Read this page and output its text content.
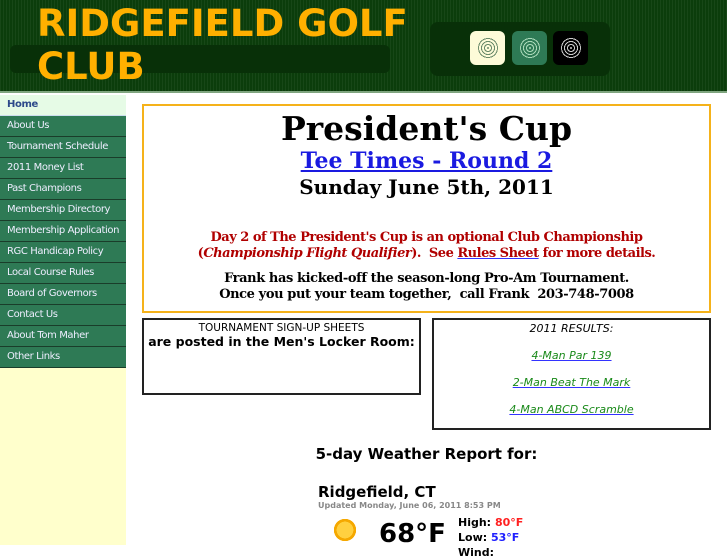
RIDGEFIELD GOLF
CLUB
Home
About Us
Tournament Schedule
2011 Money List
Past Champions
Membership Directory
Membership Application
RGC Handicap Policy
Local Course Rules
Board of Governors
Contact Us
About Tom Maher
Other Links
President's Cup
Tee Times - Round 2
Sunday June 5th, 2011
Day 2 of The President's Cup is an optional Club Championship
(Championship Flight Qualifier).  See Rules Sheet for more details.
Frank has kicked-off the season-long Pro-Am Tournament.
Once you put your team together,  call Frank  203-748-7008
TOURNAMENT SIGN-UP SHEETS
are posted in the Men's Locker Room:
2011 RESULTS:
4-Man Par 139
2-Man Beat The Mark
4-Man ABCD Scramble
5-day Weather Report for:
Ridgefield, CT
Updated Monday, June 06, 2011 8:53 PM
68°F High: 80°F
Low: 53°F
Wind:
